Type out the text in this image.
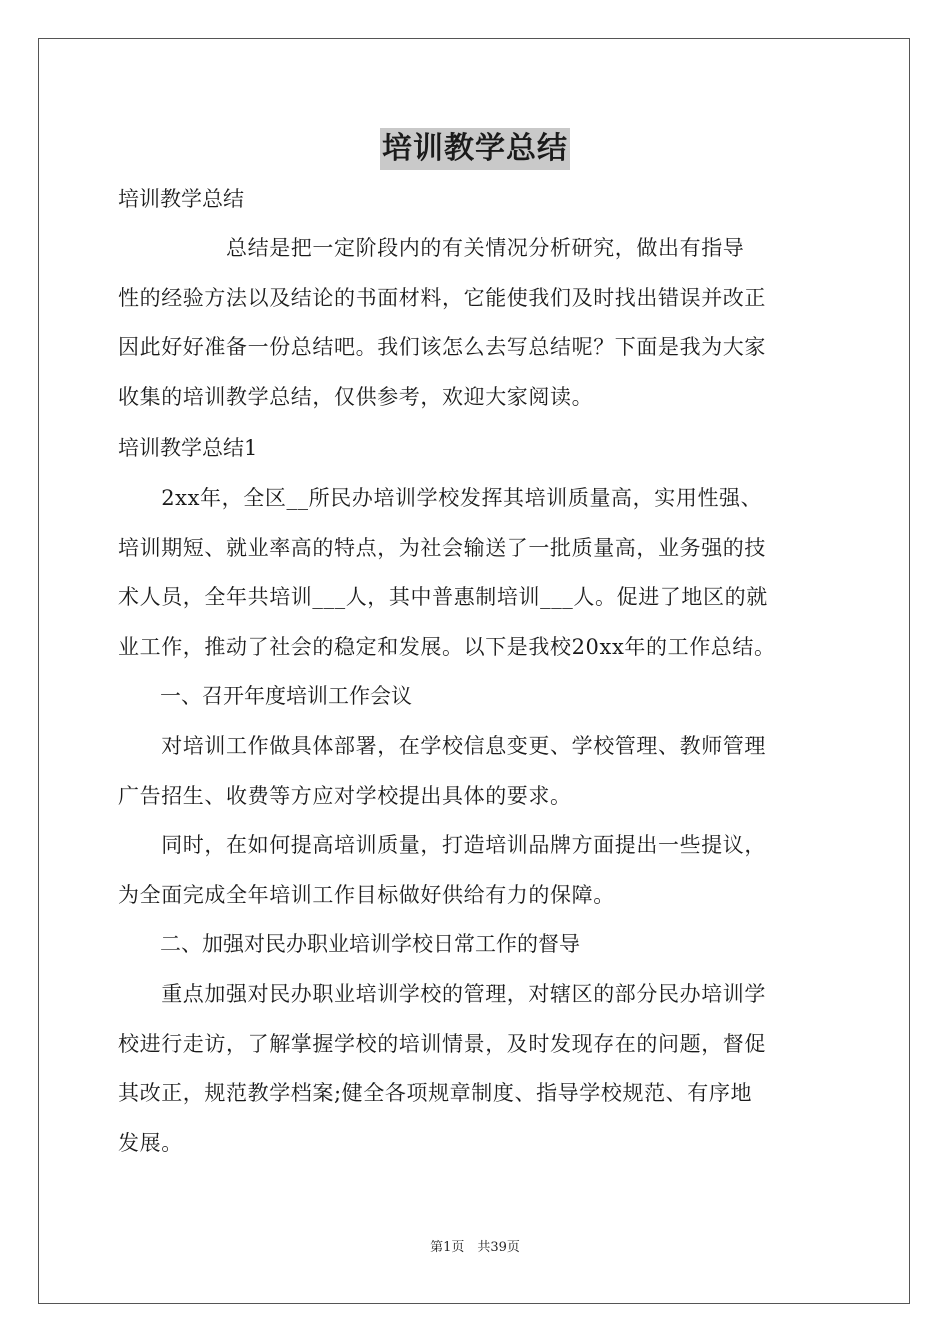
培训教学总结
培训教学总结
　　　　　总结是把一定阶段内的有关情况分析研究，做出有指导
性的经验方法以及结论的书面材料，它能使我们及时找出错误并改正
因此好好准备一份总结吧。我们该怎么去写总结呢？下面是我为大家
收集的培训教学总结，仅供参考，欢迎大家阅读。
培训教学总结1
　　2xx年，全区__所民办培训学校发挥其培训质量高，实用性强、
培训期短、就业率高的特点，为社会输送了一批质量高，业务强的技
术人员，全年共培训___人，其中普惠制培训___人。促进了地区的就
业工作，推动了社会的稳定和发展。以下是我校20xx年的工作总结。
　　一、召开年度培训工作会议
　　对培训工作做具体部署，在学校信息变更、学校管理、教师管理
广告招生、收费等方应对学校提出具体的要求。
　　同时，在如何提高培训质量，打造培训品牌方面提出一些提议，
为全面完成全年培训工作目标做好供给有力的保障。
　　二、加强对民办职业培训学校日常工作的督导
　　重点加强对民办职业培训学校的管理，对辖区的部分民办培训学
校进行走访，了解掌握学校的培训情景，及时发现存在的问题，督促
其改正，规范教学档案;健全各项规章制度、指导学校规范、有序地
发展。
第1页　共39页
